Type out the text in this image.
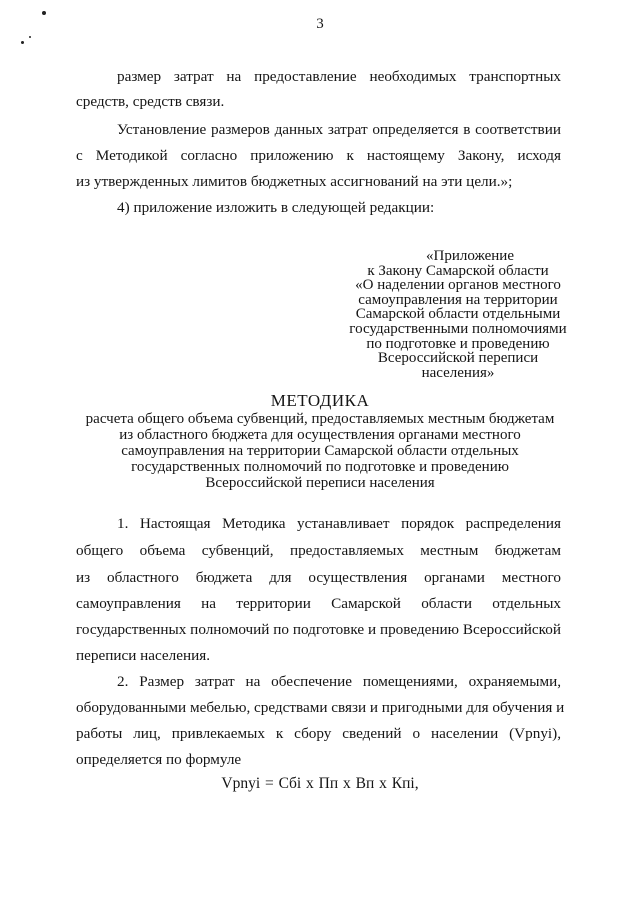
3
размер затрат на предоставление необходимых транспортных
средств, средств связи.
Установление размеров данных затрат определяется в соответствии
с Методикой согласно приложению к настоящему Закону, исходя
из утвержденных лимитов бюджетных ассигнований на эти цели.»;
4) приложение изложить в следующей редакции:
«Приложение
к Закону Самарской области
«О наделении органов местного
самоуправления на территории
Самарской области отдельными
государственными полномочиями
по подготовке и проведению
Всероссийской переписи
населения»
МЕТОДИКА
расчета общего объема субвенций, предоставляемых местным бюджетам
из областного бюджета для осуществления органами местного
самоуправления на территории Самарской области отдельных
государственных полномочий по подготовке и проведению
Всероссийской переписи населения
1. Настоящая Методика устанавливает порядок распределения
общего объема субвенций, предоставляемых местным бюджетам
из областного бюджета для осуществления органами местного
самоуправления на территории Самарской области отдельных
государственных полномочий по подготовке и проведению Всероссийской
переписи населения.
2. Размер затрат на обеспечение помещениями, охраняемыми,
оборудованными мебелью, средствами связи и пригодными для обучения и
работы лиц, привлекаемых к сбору сведений о населении (Vpnyi),
определяется по формуле
Vpnyi = Cбi x Пп x Вп x Кпi,
